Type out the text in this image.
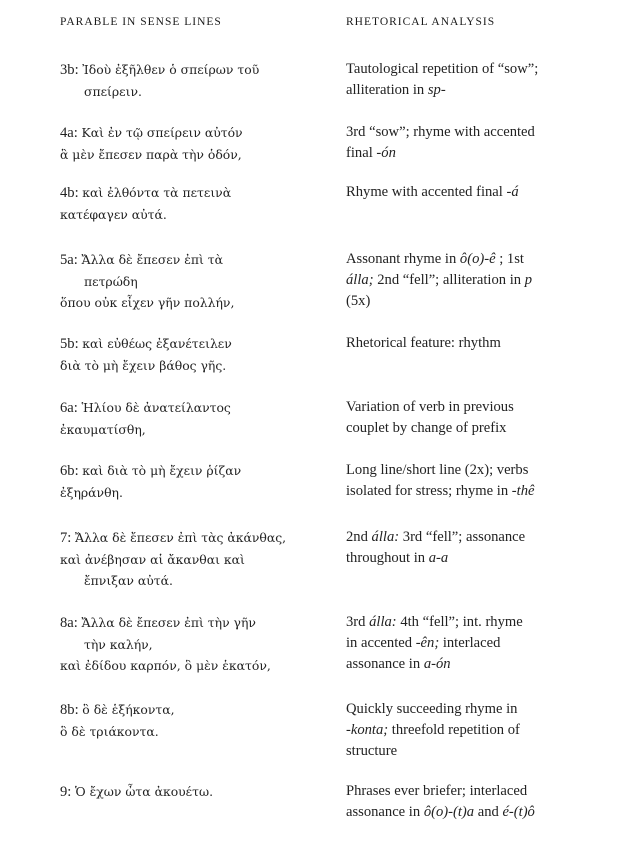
PARABLE IN SENSE LINES	RHETORICAL ANALYSIS
3b: Ἰδοὺ ἐξῆλθεν ὁ σπείρων τοῦ
σπείρειν.
Tautological repetition of “sow”;
alliteration in sp-
4a: Καὶ ἐν τῷ σπείρειν αὐτόν
ἃ μὲν ἔπεσεν παρὰ τὴν ὁδόν,
3rd “sow”; rhyme with accented
final -ón
4b: καὶ ἐλθόντα τὰ πετεινὰ
κατέφαγεν αὐτά.
Rhyme with accented final -á
5a: Ἄλλα δὲ ἔπεσεν ἐπὶ τὰ
πετρώδη
ὅπου οὐκ εἶχεν γῆν πολλήν,
Assonant rhyme in ô(o)-ê ; 1st
álla; 2nd “fell”; alliteration in p
(5x)
5b: καὶ εὐθέως ἐξανέτειλεν
διὰ τὸ μὴ ἔχειν βάθος γῆς.
Rhetorical feature: rhythm
6a: Ἡλίου δὲ ἀνατείλαντος
ἐκαυματίσθη,
Variation of verb in previous
couplet by change of prefix
6b: καὶ διὰ τὸ μὴ ἔχειν ῥίζαν
ἐξηράνθη.
Long line/short line (2x); verbs
isolated for stress; rhyme in -thê
7: Ἄλλα δὲ ἔπεσεν ἐπὶ τὰς ἀκάνθας,
καὶ ἀνέβησαν αἱ ἄκανθαι καὶ
ἔπνιξαν αὐτά.
2nd álla: 3rd “fell”; assonance
throughout in a-a
8a: Ἄλλα δὲ ἔπεσεν ἐπὶ τὴν γῆν
τὴν καλήν,
καὶ ἐδίδου καρπόν, ὃ μὲν ἑκατόν,
3rd álla: 4th “fell”; int. rhyme
in accented -ên; interlaced
assonance in a-ón
8b: ὃ δὲ ἑξήκοντα,
ὃ δὲ τριάκοντα.
Quickly succeeding rhyme in
-konta; threefold repetition of
structure
9: Ὁ ἔχων ὦτα ἀκουέτω.	Phrases ever briefer; interlaced
assonance in ô(o)-(t)a and é-(t)ô
